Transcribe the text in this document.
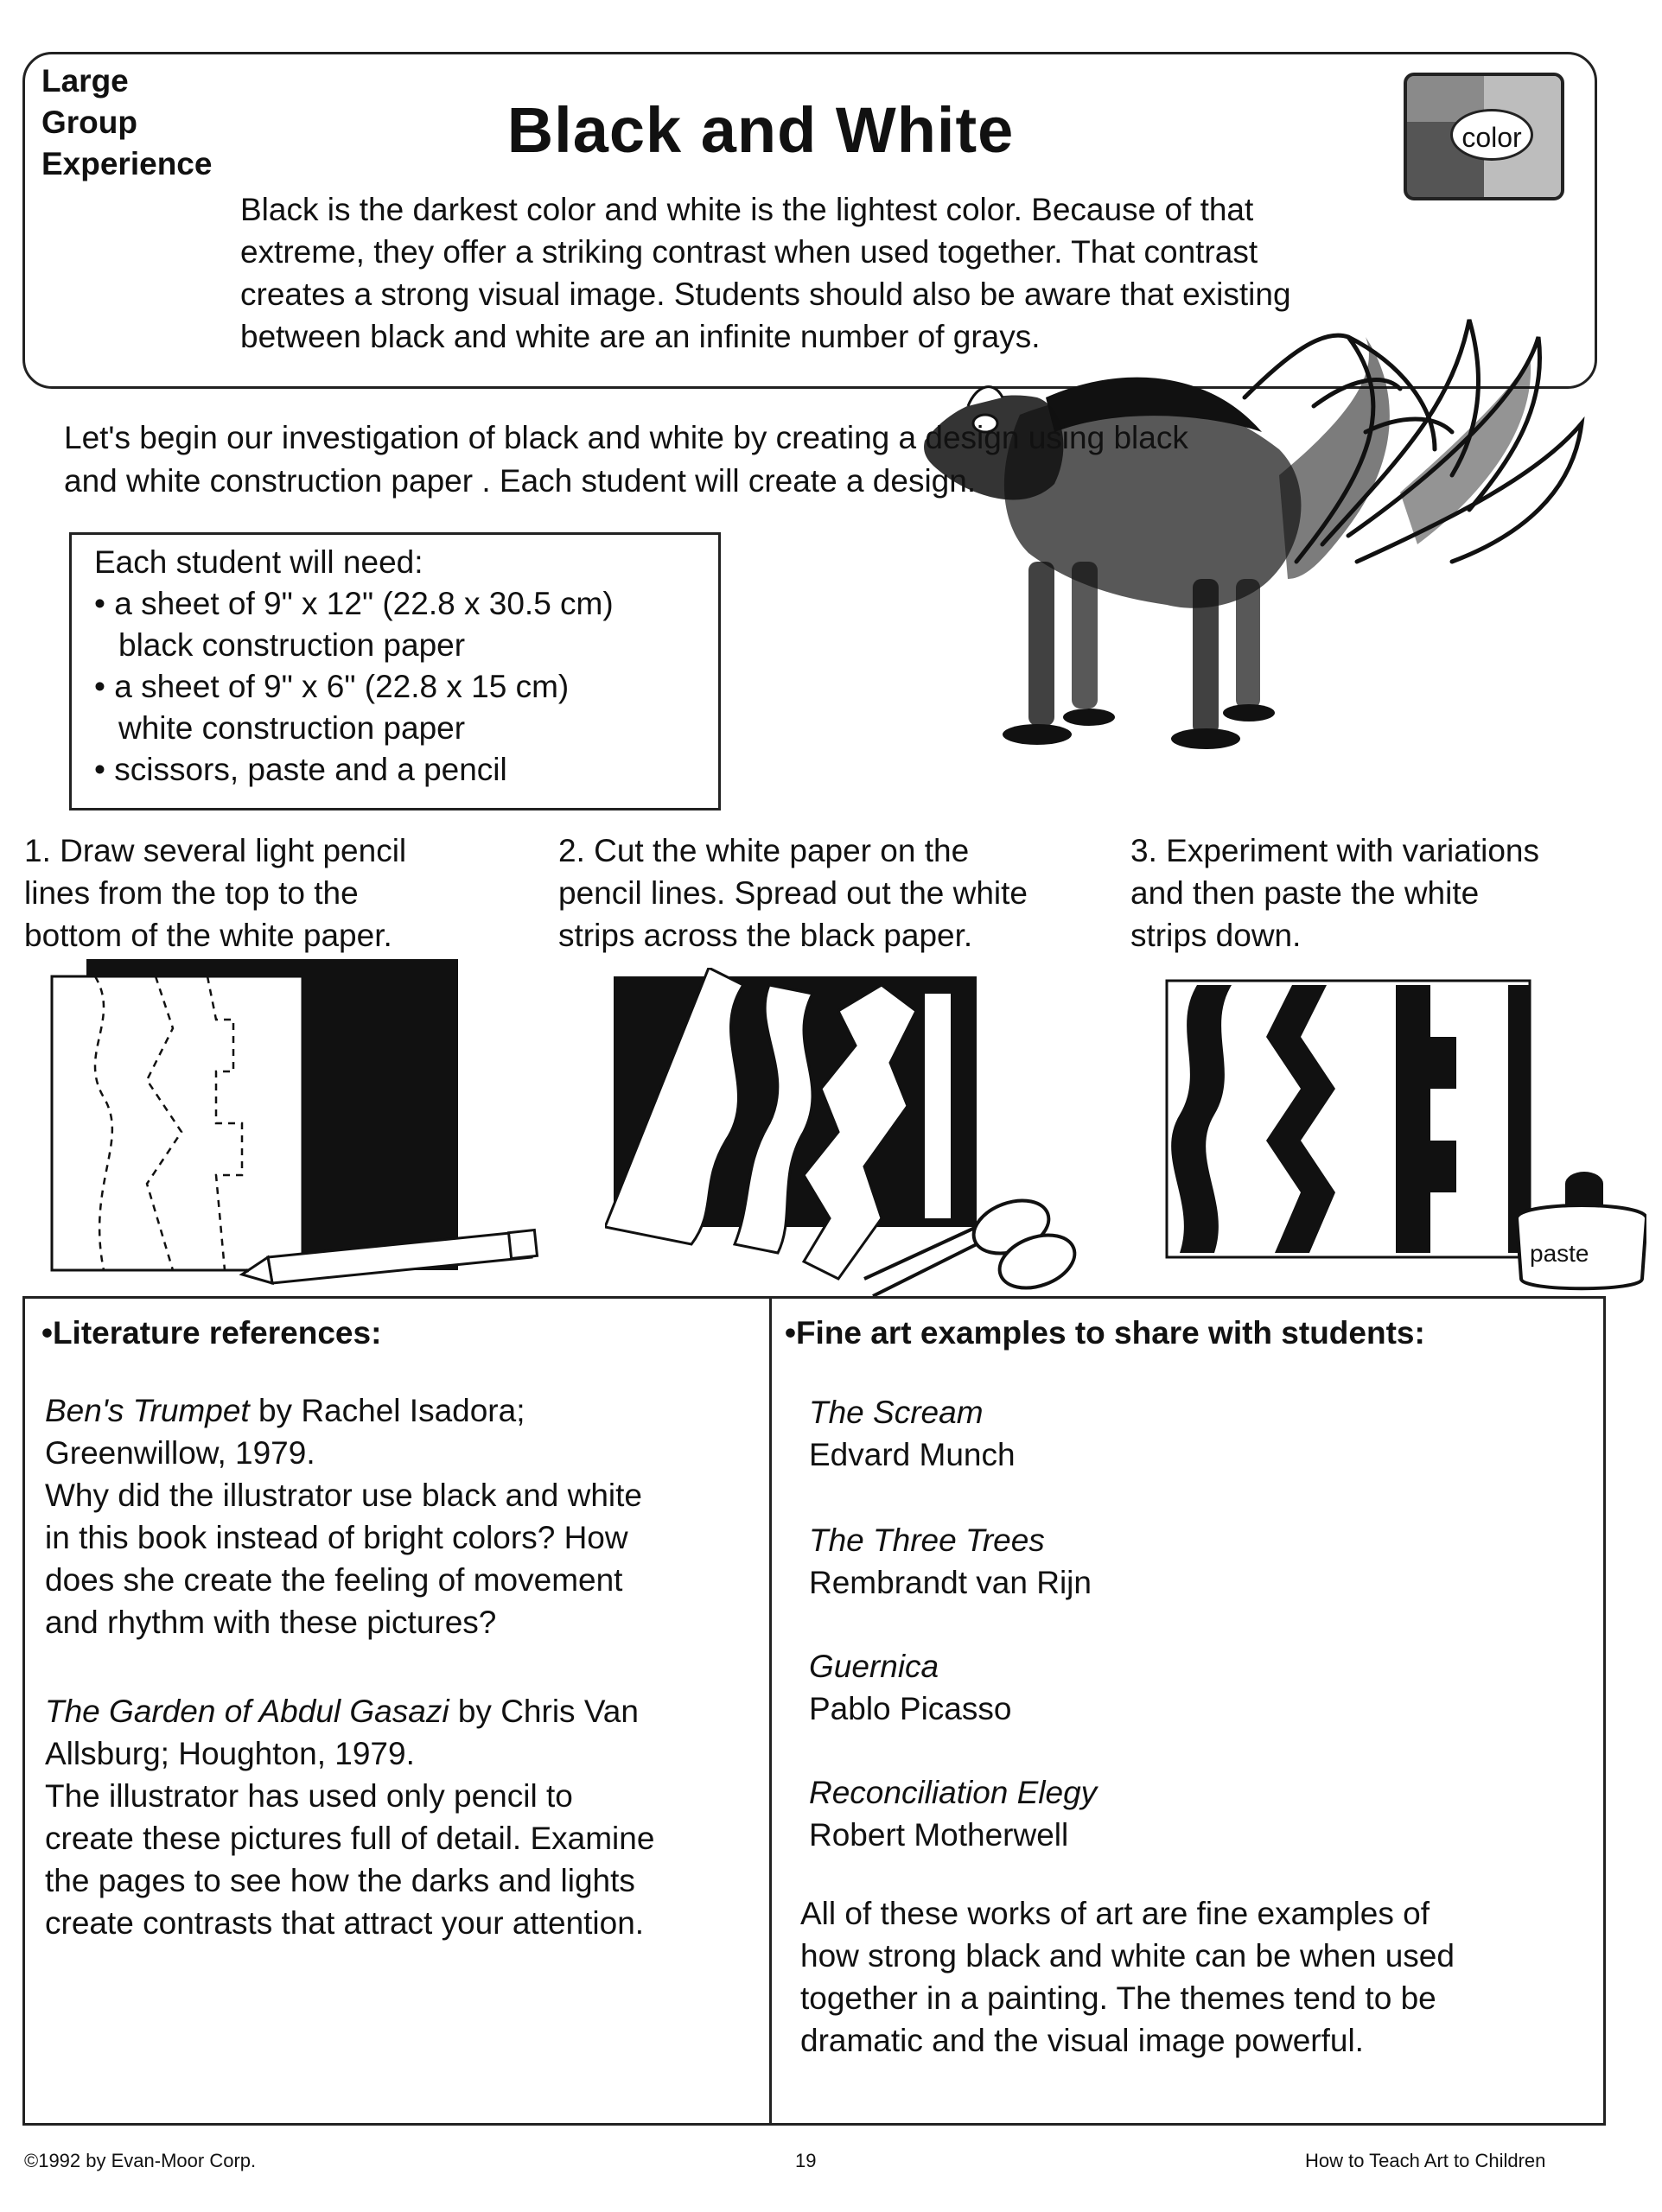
Large
Group
Experience	Black and White	color
Black is the darkest color and white is the lightest color. Because of that
extreme, they offer a striking contrast when used together. That contrast
creates a strong visual image. Students should also be aware that existing
between black and white are an infinite number of grays.
Let's begin our investigation of black and white by creating a design using black
and white construction paper . Each student will create a design.
Each student will need:
• a sheet of 9" x 12" (22.8 x 30.5 cm)
black construction paper
• a sheet of 9" x 6" (22.8 x 15 cm)
white construction paper
• scissors, paste and a pencil
1. Draw several light pencil
lines from the top to the
bottom of the white paper.
2. Cut the white paper on the
pencil lines. Spread out the white
strips across the black paper.
3. Experiment with variations
and then paste the white
strips down.
paste
•Literature references:
Ben's Trumpet by Rachel Isadora;
Greenwillow, 1979.
Why did the illustrator use black and white
in this book instead of bright colors? How
does she create the feeling of movement
and rhythm with these pictures?
The Garden of Abdul Gasazi by Chris Van
Allsburg; Houghton, 1979.
The illustrator has used only pencil to
create these pictures full of detail. Examine
the pages to see how the darks and lights
create contrasts that attract your attention.
•Fine art examples to share with students:
The Scream
Edvard Munch
The Three Trees
Rembrandt van Rijn
Guernica
Pablo Picasso
Reconciliation Elegy
Robert Motherwell
All of these works of art are fine examples of
how strong black and white can be when used
together in a painting. The themes tend to be
dramatic and the visual image powerful.
©1992 by Evan-Moor Corp.	19	How to Teach Art to Children
